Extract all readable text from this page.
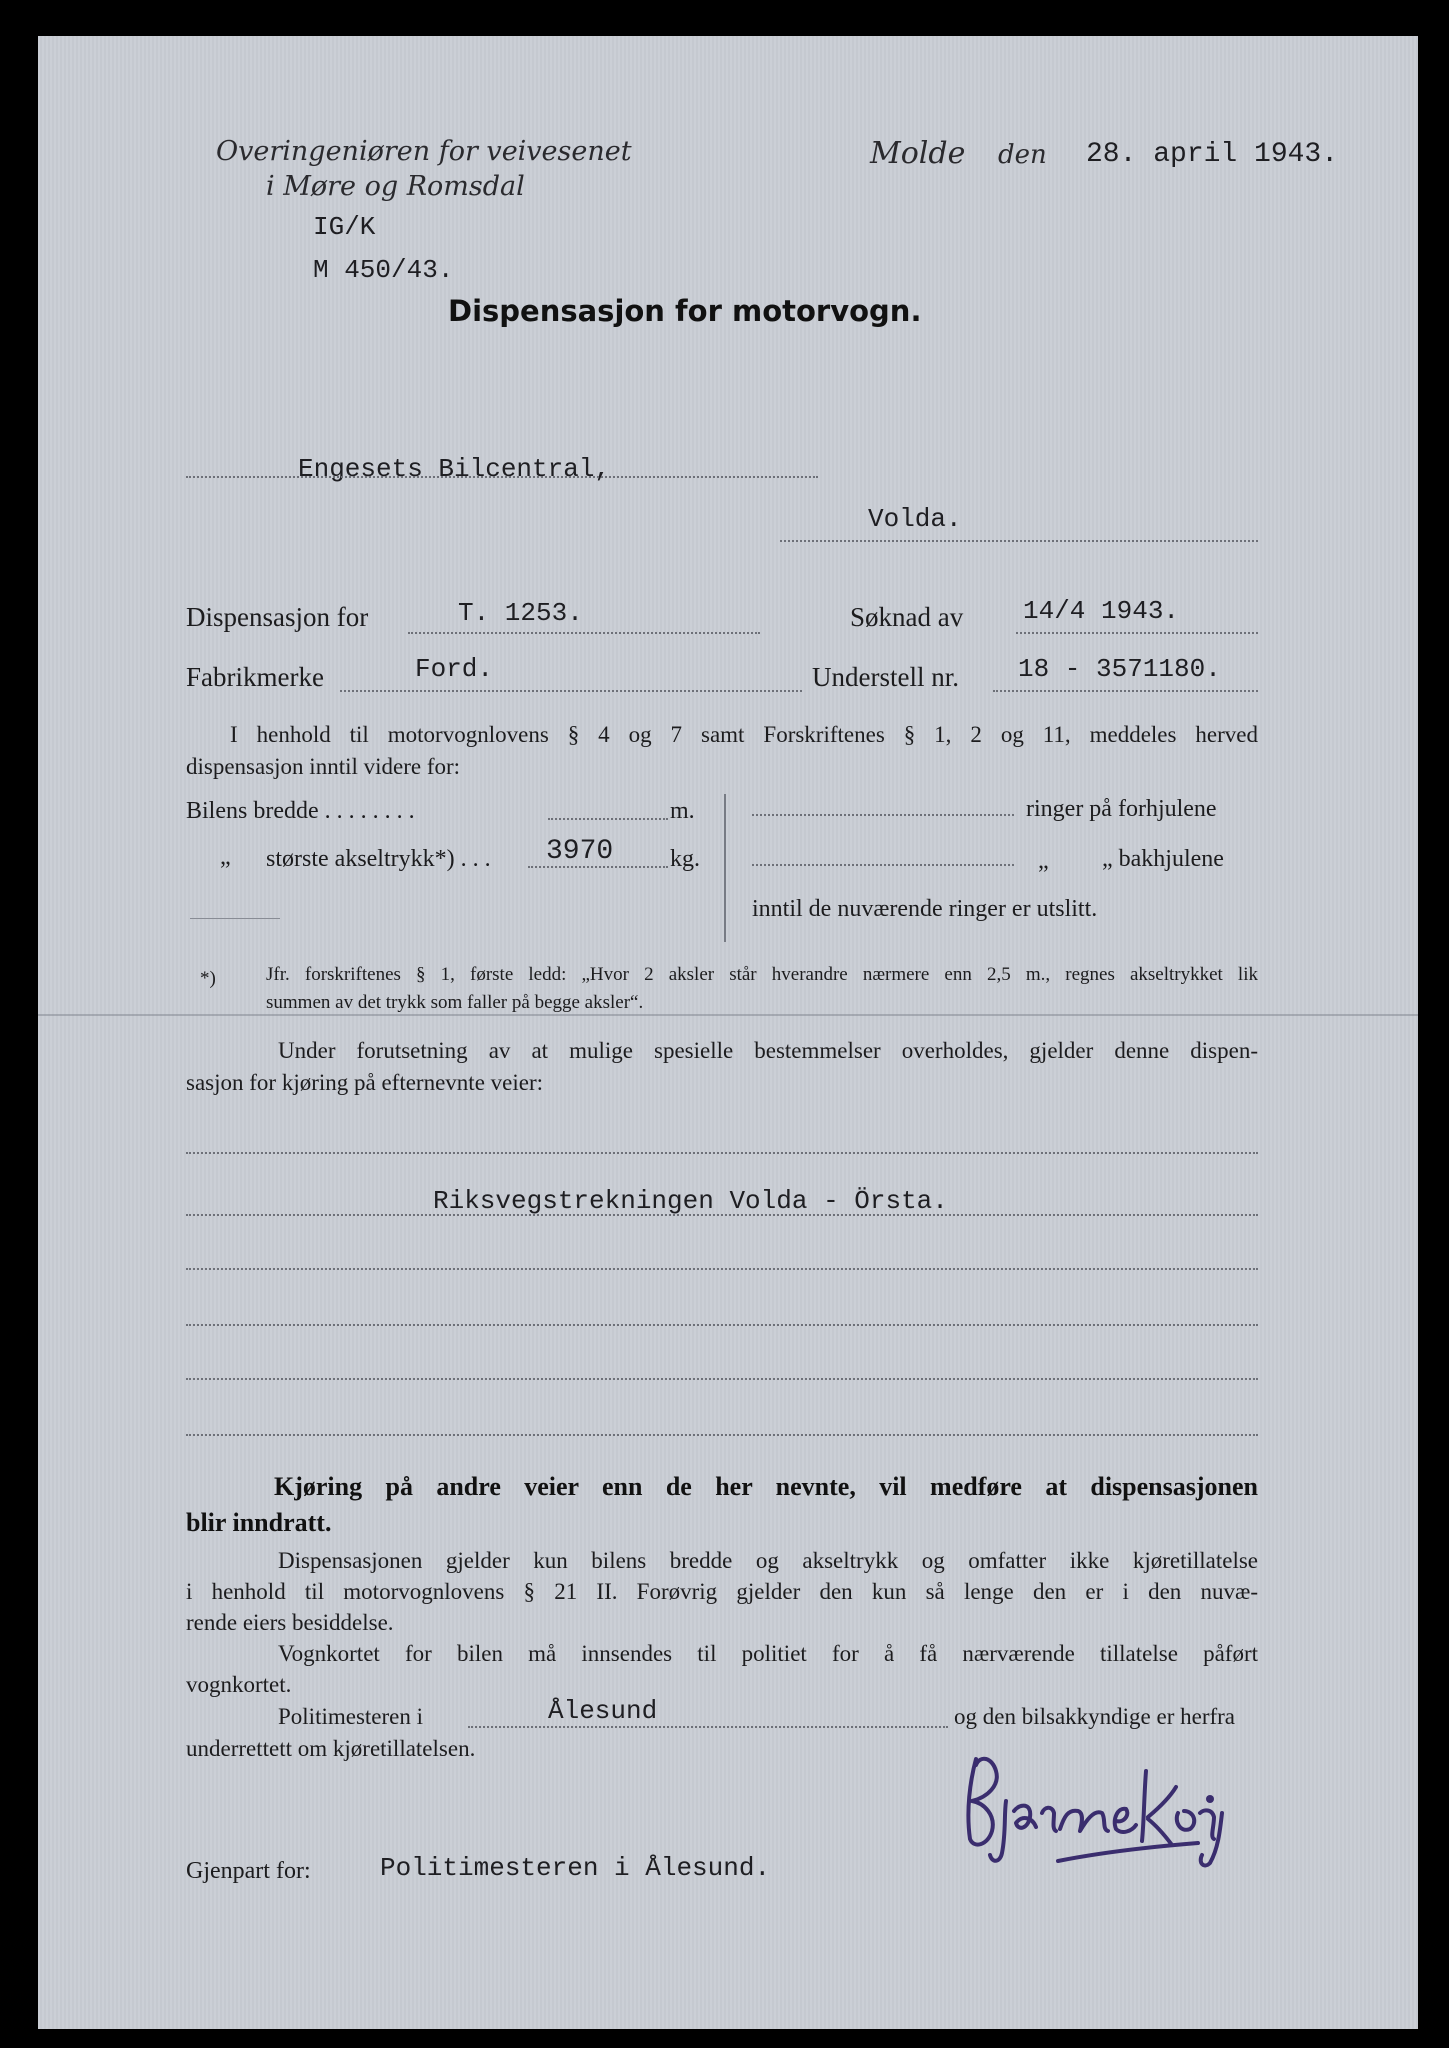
Overingeniøren for veivesenet
i Møre og Romsdal
Molde den 28. april 1943.
IG/K
M 450/43.
Dispensasjon for motorvogn.
Engesets Bilcentral,
Volda.
Dispensasjon for	T. 1253.	Søknad av 14/4 1943.
Fabrikmerke	Ford.	Understell nr. 18 - 3571180.
I henhold til motorvognlovens § 4 og 7 samt Forskriftenes § 1, 2 og 11, meddeles herved
dispensasjon inntil videre for:
Bilens bredde . . . . . . . .	m.
„ største akseltrykk*) . . . 3970 kg.
ringer på forhjulene
„ „ bakhjulene
inntil de nuværende ringer er utslitt.
*)	Jfr. forskriftenes § 1, første ledd: „Hvor 2 aksler står hverandre nærmere enn 2,5 m., regnes akseltrykket lik
summen av det trykk som faller på begge aksler“.
Under forutsetning av at mulige spesielle bestemmelser overholdes, gjelder denne dispen-
sasjon for kjøring på efternevnte veier:
Riksvegstrekningen Volda - Örsta.
Kjøring på andre veier enn de her nevnte, vil medføre at dispensasjonen
blir inndratt.
Dispensasjonen gjelder kun bilens bredde og akseltrykk og omfatter ikke kjøretillatelse
i henhold til motorvognlovens § 21 II. Forøvrig gjelder den kun så lenge den er i den nuvæ-
rende eiers besiddelse.
Vognkortet for bilen må innsendes til politiet for å få nærværende tillatelse påført
vognkortet.
Politimesteren i	Ålesund	og den bilsakkyndige er herfra
underrettett om kjøretillatelsen.
Gjenpart for:	Politimesteren i Ålesund.
